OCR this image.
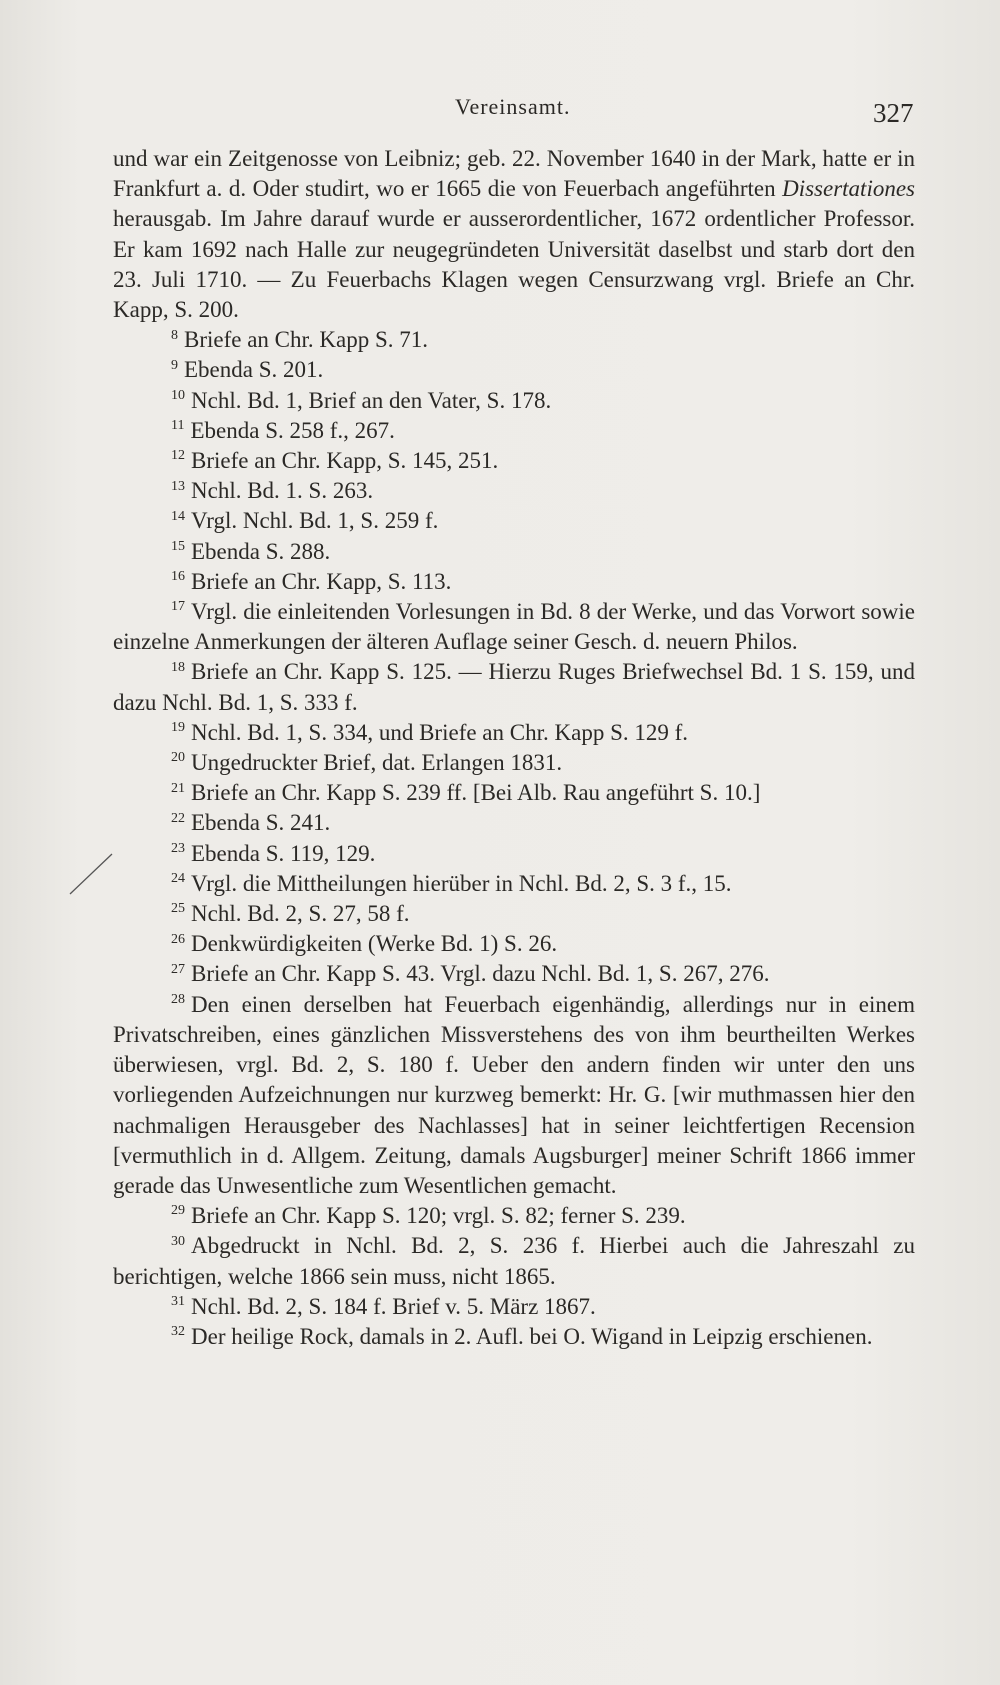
Vereinsamt.	327

und war ein Zeitgenosse von Leibniz; geb. 22. November 1640 in der Mark, hatte er in Frankfurt a. d. Oder studirt, wo er 1665 die von Feuerbach angeführten Dissertationes herausgab. Im Jahre darauf wurde er ausserordentlicher, 1672 ordentlicher Professor. Er kam 1692 nach Halle zur neugegründeten Universität daselbst und starb dort den 23. Juli 1710. — Zu Feuerbachs Klagen wegen Censurzwang vrgl. Briefe an Chr. Kapp, S. 200.

$^8$ Briefe an Chr. Kapp S. 71.

$^9$ Ebenda S. 201.

$^{10}$ Nchl. Bd. 1, Brief an den Vater, S. 178.

$^{11}$ Ebenda S. 258 f., 267.

$^{12}$ Briefe an Chr. Kapp, S. 145, 251.

$^{13}$ Nchl. Bd. 1. S. 263.

$^{14}$ Vrgl. Nchl. Bd. 1, S. 259 f.

$^{15}$ Ebenda S. 288.

$^{16}$ Briefe an Chr. Kapp, S. 113.

$^{17}$ Vrgl. die einleitenden Vorlesungen in Bd. 8 der Werke, und das Vorwort sowie einzelne Anmerkungen der älteren Auflage seiner Gesch. d. neuern Philos.

$^{18}$ Briefe an Chr. Kapp S. 125. — Hierzu Ruges Briefwechsel Bd. 1 S. 159, und dazu Nchl. Bd. 1, S. 333 f.

$^{19}$ Nchl. Bd. 1, S. 334, und Briefe an Chr. Kapp S. 129 f.

$^{20}$ Ungedruckter Brief, dat. Erlangen 1831.

$^{21}$ Briefe an Chr. Kapp S. 239 ff. [Bei Alb. Rau angeführt S. 10.]

$^{22}$ Ebenda S. 241.

$^{23}$ Ebenda S. 119, 129.

$^{24}$ Vrgl. die Mittheilungen hierüber in Nchl. Bd. 2, S. 3 f., 15.

$^{25}$ Nchl. Bd. 2, S. 27, 58 f.

$^{26}$ Denkwürdigkeiten (Werke Bd. 1) S. 26.

$^{27}$ Briefe an Chr. Kapp S. 43. Vrgl. dazu Nchl. Bd. 1, S. 267, 276.

$^{28}$ Den einen derselben hat Feuerbach eigenhändig, allerdings nur in einem Privatschreiben, eines gänzlichen Missverstehens des von ihm beurtheilten Werkes überwiesen, vrgl. Bd. 2, S. 180 f. Ueber den andern finden wir unter den uns vorliegenden Aufzeichnungen nur kurzweg bemerkt: Hr. G. [wir muthmassen hier den nachmaligen Herausgeber des Nachlasses] hat in seiner leichtfertigen Recension [vermuthlich in d. Allgem. Zeitung, damals Augsburger] meiner Schrift 1866 immer gerade das Unwesentliche zum Wesentlichen gemacht.

$^{29}$ Briefe an Chr. Kapp S. 120; vrgl. S. 82; ferner S. 239.

$^{30}$ Abgedruckt in Nchl. Bd. 2, S. 236 f. Hierbei auch die Jahreszahl zu berichtigen, welche 1866 sein muss, nicht 1865.

$^{31}$ Nchl. Bd. 2, S. 184 f. Brief v. 5. März 1867.

$^{32}$ Der heilige Rock, damals in 2. Aufl. bei O. Wigand in Leipzig erschienen.
